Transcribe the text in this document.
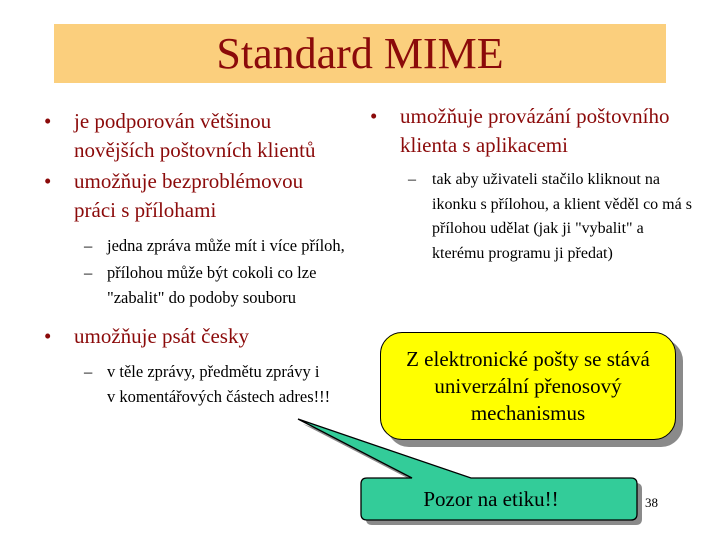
Standard MIME
• je podporován většinou novějších poštovních klientů
• umožňuje bezproblémovou práci s přílohami
– jedna zpráva může mít i více příloh,
– přílohou může být cokoli co lze "zabalit" do podoby souboru
• umožňuje psát česky
– v těle zprávy, předmětu zprávy i v komentářových částech adres!!!
• umožňuje provázání poštovního klienta s aplikacemi
– tak aby uživateli stačilo kliknout na ikonku s přílohou, a klient věděl co má s přílohou udělat (jak ji "vybalit" a kterému programu ji předat)
Z elektronické pošty se stává univerzální přenosový mechanismus
Pozor na etiku!!	38
